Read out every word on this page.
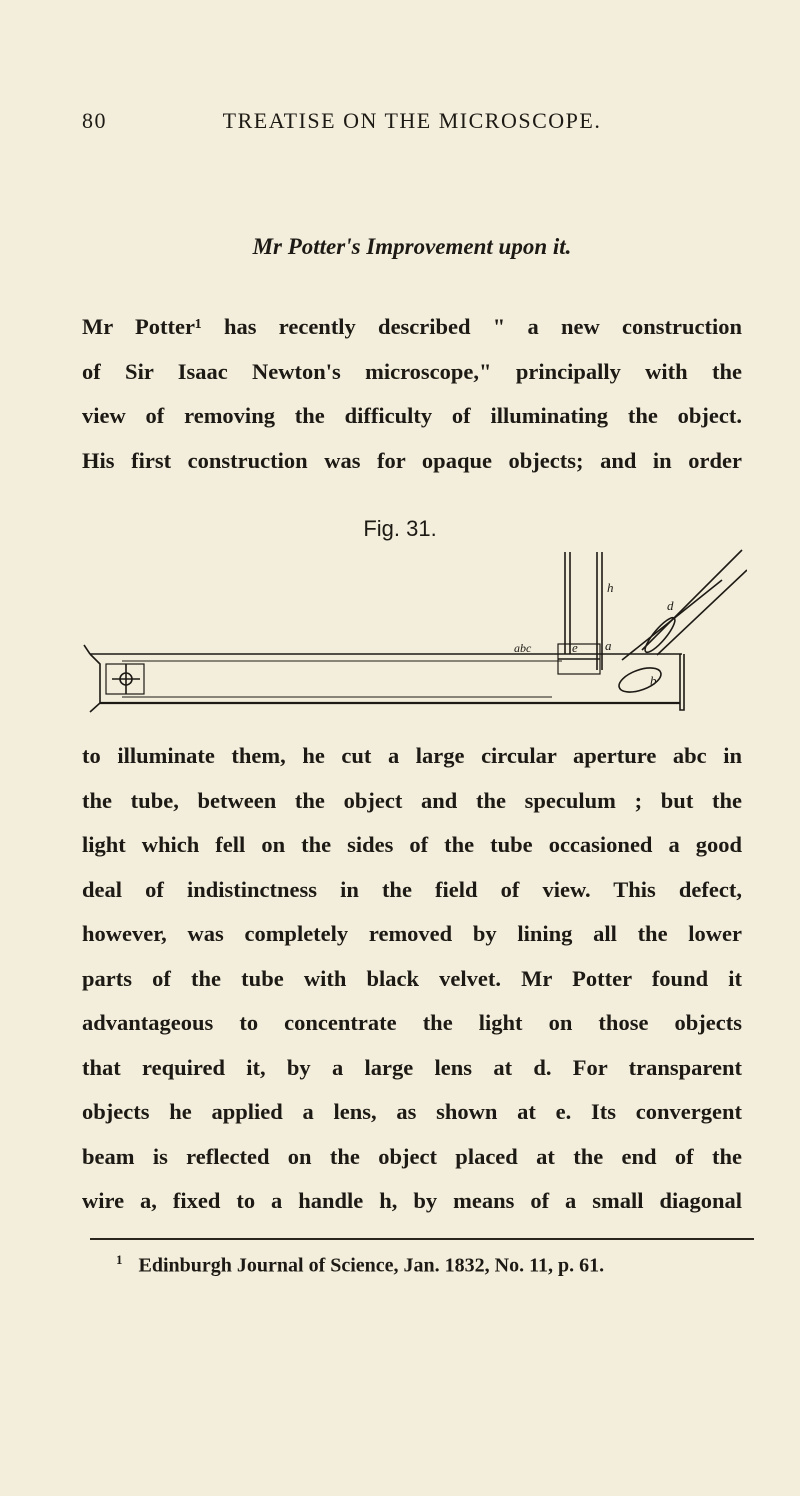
80	TREATISE ON THE MICROSCOPE.
Mr Potter's Improvement upon it.
Mr Potter¹ has recently described " a new construction
of Sir Isaac Newton's microscope," principally with the
view of removing the difficulty of illuminating the object.
His first construction was for opaque objects; and in order
Fig. 31.
h
d
a
b
e
abc
to illuminate them, he cut a large circular aperture abc in
the tube, between the object and the speculum ; but the
light which fell on the sides of the tube occasioned a good
deal of indistinctness in the field of view. This defect,
however, was completely removed by lining all the lower
parts of the tube with black velvet. Mr Potter found it
advantageous to concentrate the light on those objects
that required it, by a large lens at d. For transparent
objects he applied a lens, as shown at e. Its convergent
beam is reflected on the object placed at the end of the
wire a, fixed to a handle h, by means of a small diagonal
$^1$ Edinburgh Journal of Science, Jan. 1832, No. 11, p. 61.
